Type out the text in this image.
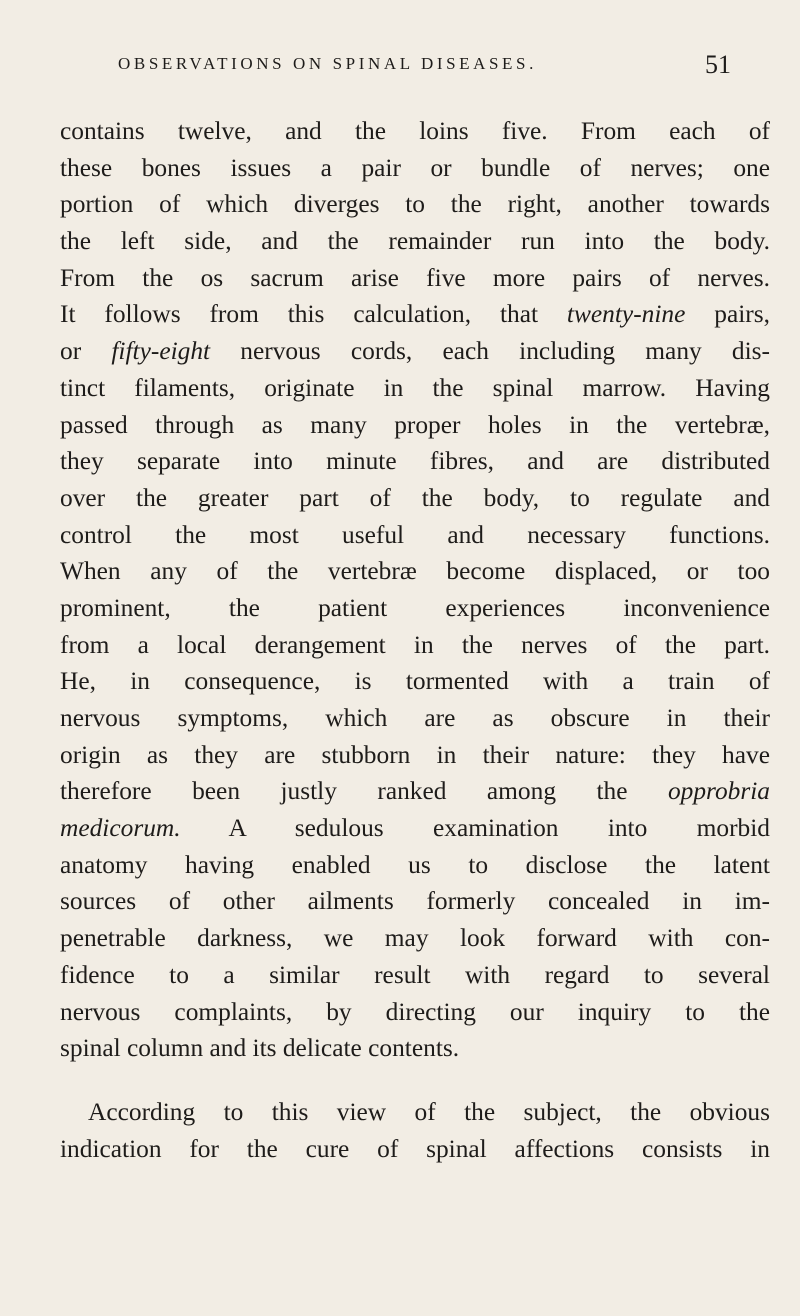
OBSERVATIONS ON SPINAL DISEASES.	51
contains twelve, and the loins five. From each of
these bones issues a pair or bundle of nerves; one
portion of which diverges to the right, another towards
the left side, and the remainder run into the body.
From the os sacrum arise five more pairs of nerves.
It follows from this calculation, that twenty-nine pairs,
or fifty-eight nervous cords, each including many dis-
tinct filaments, originate in the spinal marrow. Having
passed through as many proper holes in the vertebræ,
they separate into minute fibres, and are distributed
over the greater part of the body, to regulate and
control the most useful and necessary functions.
When any of the vertebræ become displaced, or too
prominent, the patient experiences inconvenience
from a local derangement in the nerves of the part.
He, in consequence, is tormented with a train of
nervous symptoms, which are as obscure in their
origin as they are stubborn in their nature: they have
therefore been justly ranked among the opprobria
medicorum. A sedulous examination into morbid
anatomy having enabled us to disclose the latent
sources of other ailments formerly concealed in im-
penetrable darkness, we may look forward with con-
fidence to a similar result with regard to several
nervous complaints, by directing our inquiry to the
spinal column and its delicate contents.
According to this view of the subject, the obvious
indication for the cure of spinal affections consists in
